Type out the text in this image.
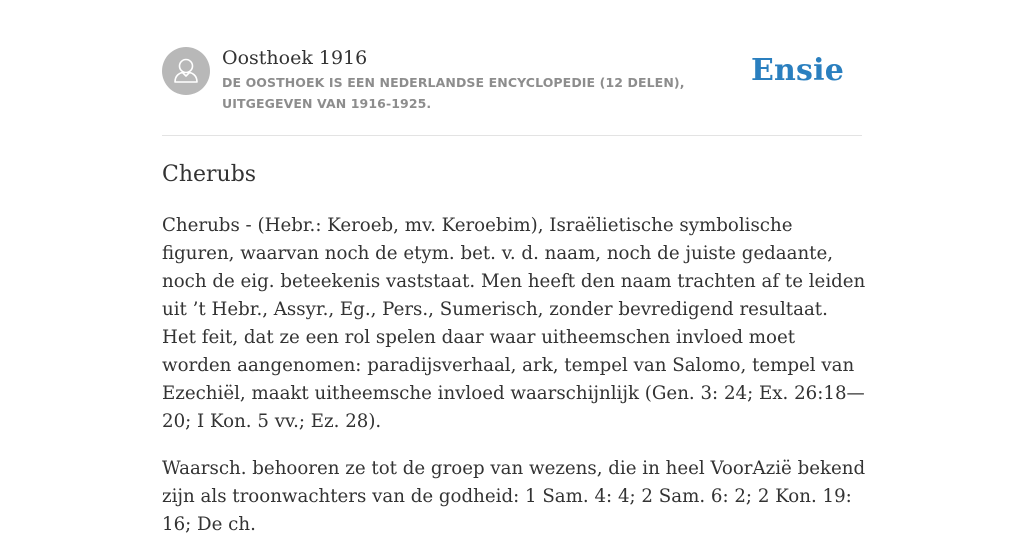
Oosthoek 1916
DE OOSTHOEK IS EEN NEDERLANDSE ENCYCLOPEDIE (12 DELEN), UITGEGEVEN VAN 1916-1925.
Ensie
Cherubs

Cherubs - (Hebr.: Keroeb, mv. Keroebim), Israëlietische symbolische figuren, waarvan noch de etym. bet. v. d. naam, noch de juiste gedaante, noch de eig. beteekenis vaststaat. Men heeft den naam trachten af te leiden uit ’t Hebr., Assyr., Eg., Pers., Sumerisch, zonder bevredigend resultaat. Het feit, dat ze een rol spelen daar waar uitheemschen invloed moet worden aangenomen: paradijsverhaal, ark, tempel van Salomo, tempel van Ezechiël, maakt uitheemsche invloed waarschijnlijk (Gen. 3: 24; Ex. 26:18— 20; I Kon. 5 vv.; Ez. 28).

Waarsch. behooren ze tot de groep van wezens, die in heel VoorAzië bekend zijn als troonwachters van de godheid: 1 Sam. 4: 4; 2 Sam. 6: 2; 2 Kon. 19: 16; De ch.
